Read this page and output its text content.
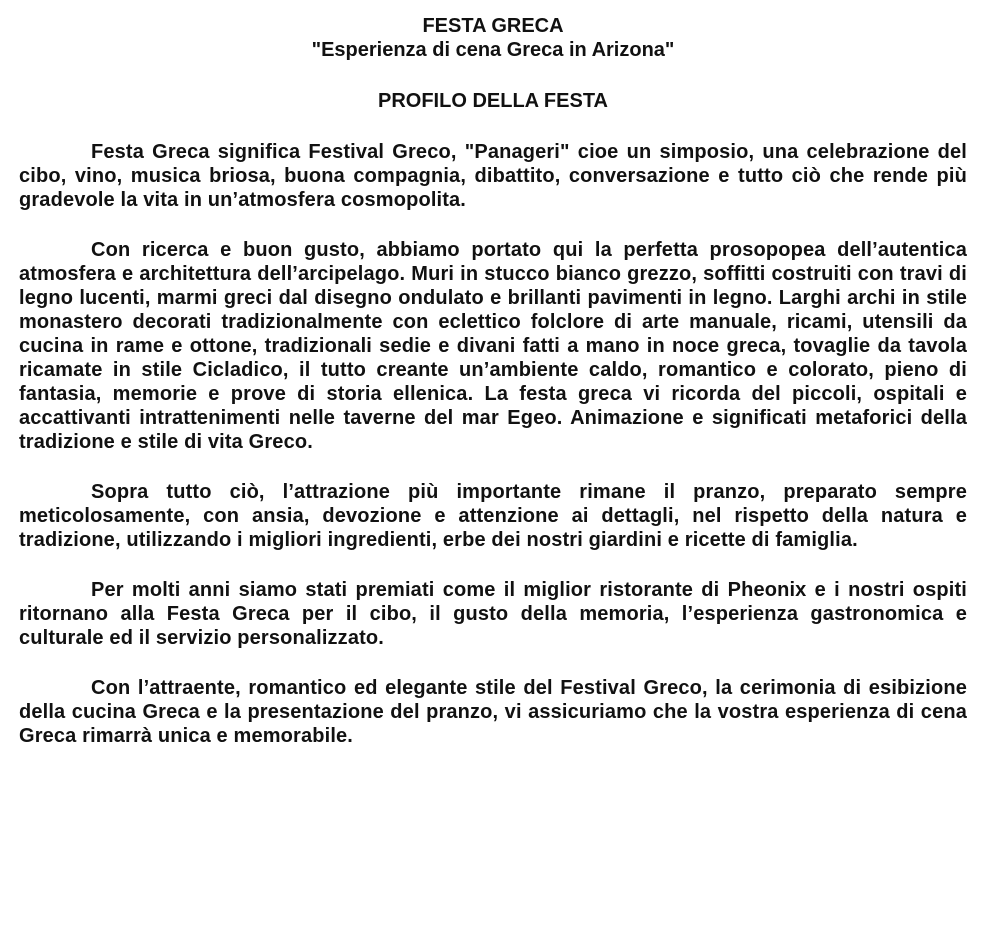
FESTA GRECA
"Esperienza di cena Greca in Arizona"
PROFILO DELLA FESTA

Festa Greca significa Festival Greco, "Panageri" cioe un simposio, una celebrazione del cibo, vino, musica briosa, buona compagnia, dibattito, conversazione e tutto ciò che rende più gradevole la vita in un’atmosfera cosmopolita.

Con ricerca e buon gusto, abbiamo portato qui la perfetta prosopopea dell’autentica atmosfera e architettura dell’arcipelago. Muri in stucco bianco grezzo, soffitti costruiti con travi di legno lucenti, marmi greci dal disegno ondulato e brillanti pavimenti in legno. Larghi archi in stile monastero decorati tradizionalmente con eclettico folclore di arte manuale, ricami, utensili da cucina in rame e ottone, tradizionali sedie e divani fatti a mano in noce greca, tovaglie da tavola ricamate in stile Cicladico, il tutto creante un’ambiente caldo, romantico e colorato, pieno di fantasia, memorie e prove di storia ellenica. La festa greca vi ricorda del piccoli, ospitali e accattivanti intrattenimenti nelle taverne del mar Egeo. Animazione e significati metaforici della tradizione e stile di vita Greco.

Sopra tutto ciò, l’attrazione più importante rimane il pranzo, preparato sempre meticolosamente, con ansia, devozione e attenzione ai dettagli, nel rispetto della natura e tradizione, utilizzando i migliori ingredienti, erbe dei nostri giardini e ricette di famiglia.

Per molti anni siamo stati premiati come il miglior ristorante di Pheonix e i nostri ospiti ritornano alla Festa Greca per il cibo, il gusto della memoria, l’esperienza gastronomica e culturale ed il servizio personalizzato.

Con l’attraente, romantico ed elegante stile del Festival Greco, la cerimonia di esibizione della cucina Greca e la presentazione del pranzo, vi assicuriamo che la vostra esperienza di cena Greca rimarrà unica e memorabile.
